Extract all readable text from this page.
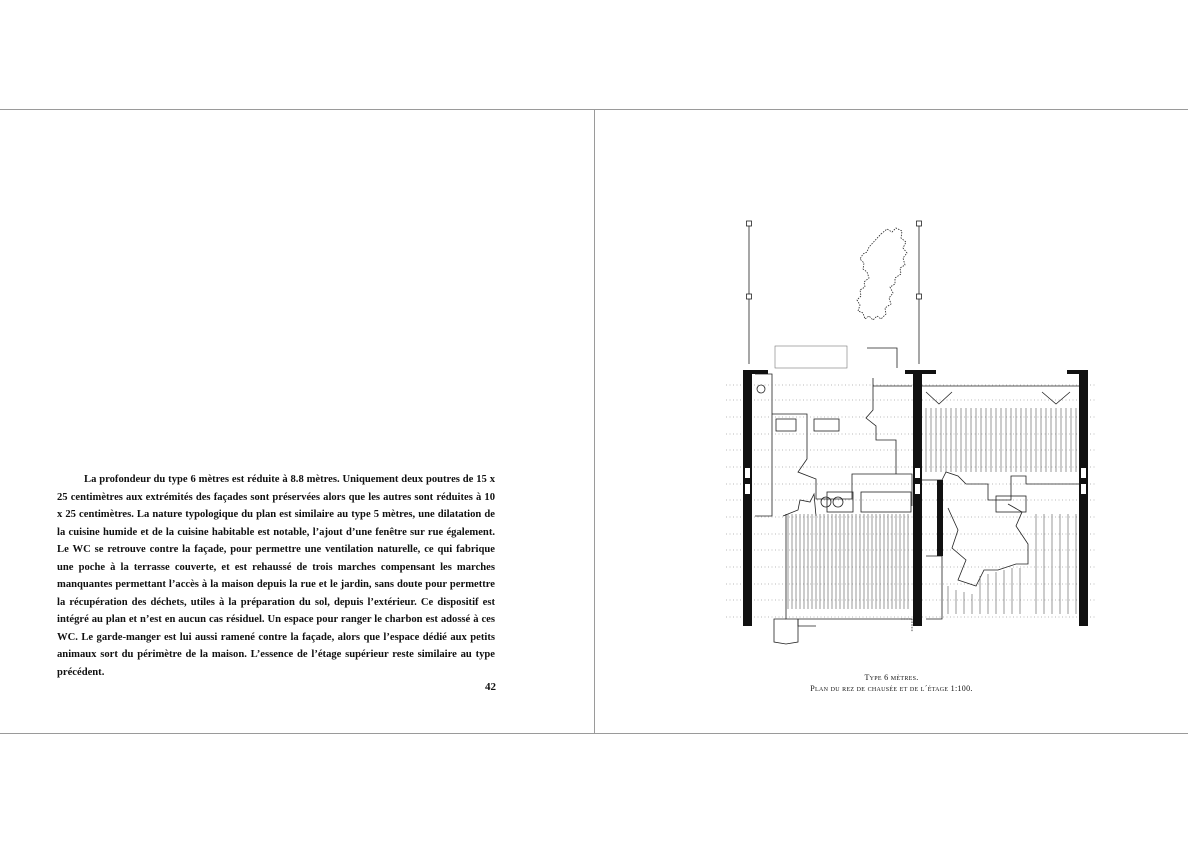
La profondeur du type 6 mètres est réduite à 8.8 mètres. Uniquement deux poutres de 15 x 25 centimètres aux extrémités des façades sont préservées alors que les autres sont réduites à 10 x 25 centimètres. La nature typologique du plan est similaire au type 5 mètres, une dilatation de la cuisine humide et de la cuisine habitable est notable, l’ajout d’une fenêtre sur rue également. Le WC se retrouve contre la façade, pour permettre une ventilation naturelle, ce qui fabrique une poche à la terrasse couverte, et est rehaussé de trois marches compensant les marches manquantes permettant l’accès à la maison depuis la rue et le jardin, sans doute pour permettre la récupération des déchets, utiles à la préparation du sol, depuis l’extérieur. Ce dispositif est intégré au plan et n’est en aucun cas résiduel. Un espace pour ranger le charbon est adossé à ces WC. Le garde-manger est lui aussi ramené contre la façade, alors que l’espace dédié aux petits animaux sort du périmètre de la maison. L’essence de l’étage supérieur reste similaire au type précédent.

42
Type 6 mètres.
Plan du rez de chausée et de l´étage 1:100.
